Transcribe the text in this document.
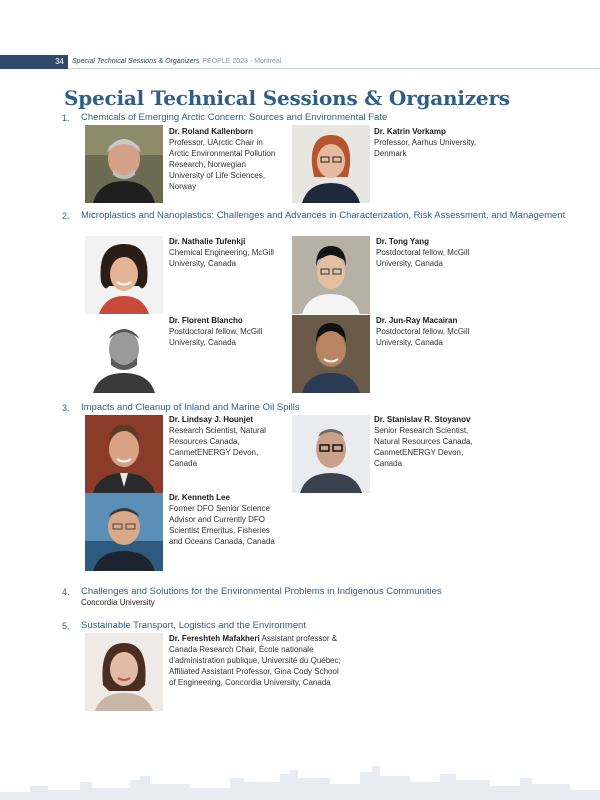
34	Special Technical Sessions & Organizers PEOPLE 2023 - Montreal
Special Technical Sessions & Organizers
1. Chemicals of Emerging Arctic Concern: Sources and Environmental Fate
Dr. Roland Kallenborn
Professor, UArctic Chair in Arctic Environmental Pollution Research, Norwegian University of Life Sciences, Norway
Dr. Katrin Vorkamp
Professor, Aarhus University, Denmark
2. Microplastics and Nanoplastics: Challenges and Advances in Characterization, Risk Assessment, and Management
Dr. Nathalie Tufenkji
Chemical Engineering, McGill University, Canada
Dr. Tong Yang
Postdoctoral fellow, McGill University, Canada
Dr. Florent Blancho
Postdoctoral fellow, McGill University, Canada
Dr. Jun-Ray Macairan
Postdoctoral fellow, McGill University, Canada
3. Impacts and Cleanup of Inland and Marine Oil Spills
Dr. Lindsay J. Hounjet Research Scientist, Natural Resources Canada, CanmetENERGY Devon, Canada
Dr. Stanislav R. Stoyanov
Senior Research Scientist, Natural Resources Canada, CanmetENERGY Devon, Canada
Dr. Kenneth Lee
Former DFO Senior Science Advisor and Currently DFO Scientist Emeritus, Fisheries and Oceans Canada, Canada
4. Challenges and Solutions for the Environmental Problems in Indigenous Communities
Concordia University
5. Sustainable Transport, Logistics and the Environment
Dr. Fereshteh Mafakheri Assistant professor & Canada Research Chair, École nationale d'administration publique, Université du Québec; Affiliated Assistant Professor, Gina Cody School of Engineering, Concordia University, Canada
